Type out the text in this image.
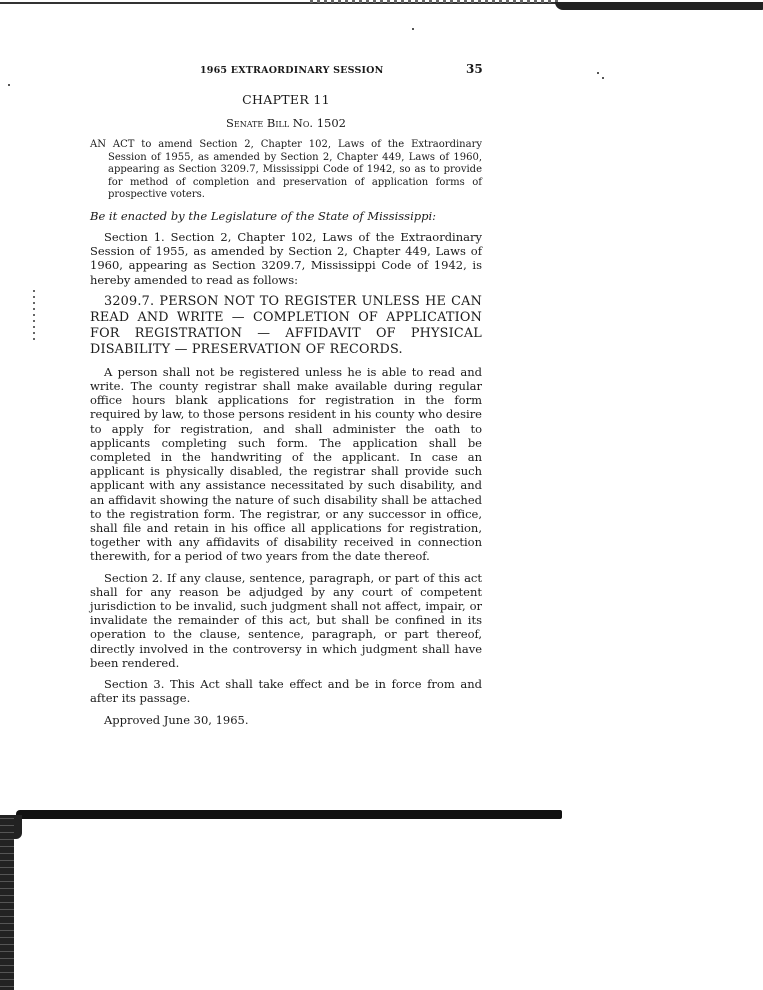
1965 EXTRAORDINARY SESSION	35
CHAPTER 11
Senate Bill No. 1502
AN ACT to amend Section 2, Chapter 102, Laws of the Extraordinary Session of 1955, as amended by Section 2, Chapter 449, Laws of 1960, appearing as Section 3209.7, Mississippi Code of 1942, so as to provide for method of completion and preservation of application forms of prospective voters.
Be it enacted by the Legislature of the State of Mississippi:
Section 1. Section 2, Chapter 102, Laws of the Extraordinary Session of 1955, as amended by Section 2, Chapter 449, Laws of 1960, appearing as Section 3209.7, Mississippi Code of 1942, is hereby amended to read as follows:
3209.7. PERSON NOT TO REGISTER UNLESS HE CAN READ AND WRITE — COMPLETION OF APPLICATION FOR REGISTRATION — AFFIDAVIT OF PHYSICAL DISABILITY — PRESERVATION OF RECORDS.
A person shall not be registered unless he is able to read and write. The county registrar shall make available during regular office hours blank applications for registration in the form required by law, to those persons resident in his county who desire to apply for registration, and shall administer the oath to applicants completing such form. The application shall be completed in the handwriting of the applicant. In case an applicant is physically disabled, the registrar shall provide such applicant with any assistance necessitated by such disability, and an affidavit showing the nature of such disability shall be attached to the registration form. The registrar, or any successor in office, shall file and retain in his office all applications for registration, together with any affidavits of disability received in connection therewith, for a period of two years from the date thereof.
Section 2. If any clause, sentence, paragraph, or part of this act shall for any reason be adjudged by any court of competent jurisdiction to be invalid, such judgment shall not affect, impair, or invalidate the remainder of this act, but shall be confined in its operation to the clause, sentence, paragraph, or part thereof, directly involved in the controversy in which judgment shall have been rendered.
Section 3. This Act shall take effect and be in force from and after its passage.
Approved June 30, 1965.
